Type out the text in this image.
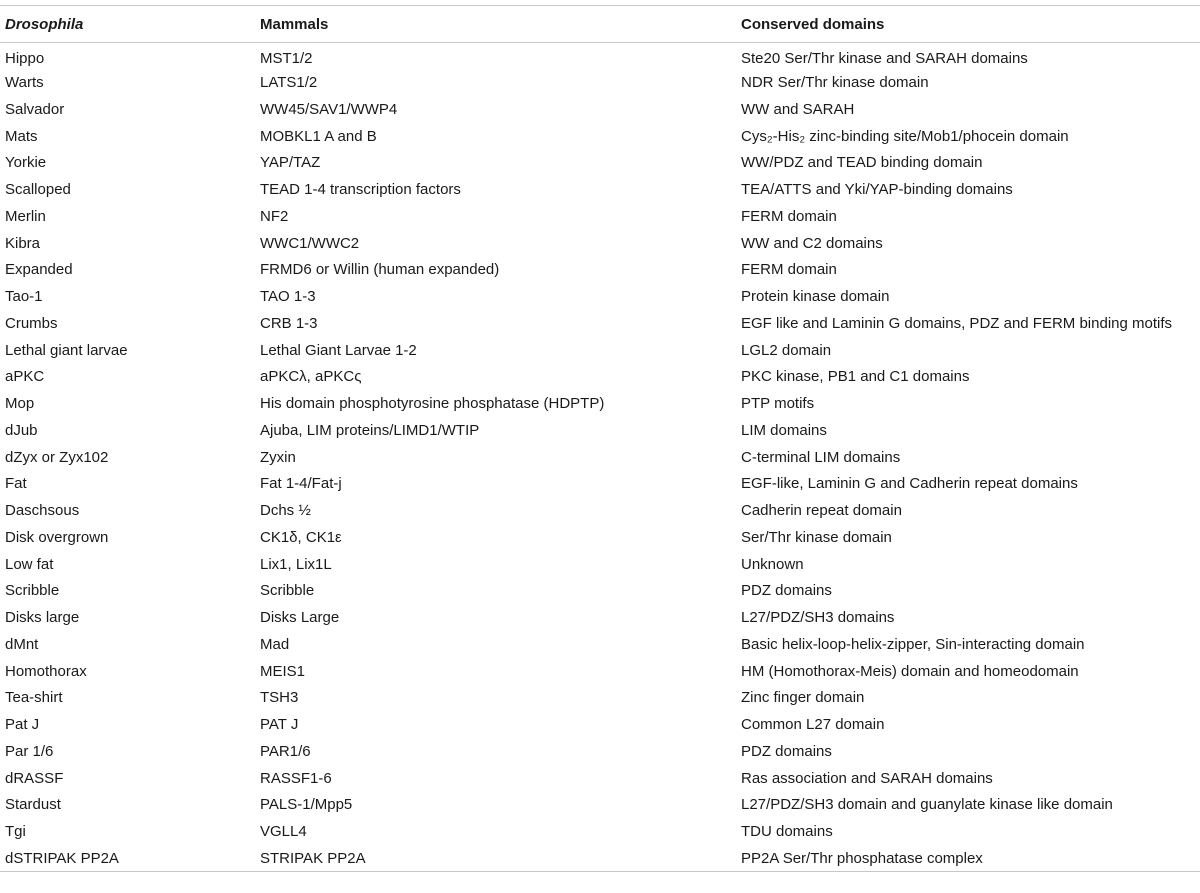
Drosophila	Mammals	Conserved domains
Hippo	MST1/2	Ste20 Ser/Thr kinase and SARAH domains
Warts	LATS1/2	NDR Ser/Thr kinase domain
Salvador	WW45/SAV1/WWP4	WW and SARAH
Mats	MOBKL1 A and B	Cys₂-His₂ zinc-binding site/Mob1/phocein domain
Yorkie	YAP/TAZ	WW/PDZ and TEAD binding domain
Scalloped	TEAD 1-4 transcription factors	TEA/ATTS and Yki/YAP-binding domains
Merlin	NF2	FERM domain
Kibra	WWC1/WWC2	WW and C2 domains
Expanded	FRMD6 or Willin (human expanded)	FERM domain
Tao-1	TAO 1-3	Protein kinase domain
Crumbs	CRB 1-3	EGF like and Laminin G domains, PDZ and FERM binding motifs
Lethal giant larvae	Lethal Giant Larvae 1-2	LGL2 domain
aPKC	aPKCλ, aPKCς	PKC kinase, PB1 and C1 domains
Mop	His domain phosphotyrosine phosphatase (HDPTP)	PTP motifs
dJub	Ajuba, LIM proteins/LIMD1/WTIP	LIM domains
dZyx or Zyx102	Zyxin	C-terminal LIM domains
Fat	Fat 1-4/Fat-j	EGF-like, Laminin G and Cadherin repeat domains
Daschsous	Dchs ½	Cadherin repeat domain
Disk overgrown	CK1δ, CK1ε	Ser/Thr kinase domain
Low fat	Lix1, Lix1L	Unknown
Scribble	Scribble	PDZ domains
Disks large	Disks Large	L27/PDZ/SH3 domains
dMnt	Mad	Basic helix-loop-helix-zipper, Sin-interacting domain
Homothorax	MEIS1	HM (Homothorax-Meis) domain and homeodomain
Tea-shirt	TSH3	Zinc finger domain
Pat J	PAT J	Common L27 domain
Par 1/6	PAR1/6	PDZ domains
dRASSF	RASSF1-6	Ras association and SARAH domains
Stardust	PALS-1/Mpp5	L27/PDZ/SH3 domain and guanylate kinase like domain
Tgi	VGLL4	TDU domains
dSTRIPAK PP2A	STRIPAK PP2A	PP2A Ser/Thr phosphatase complex
